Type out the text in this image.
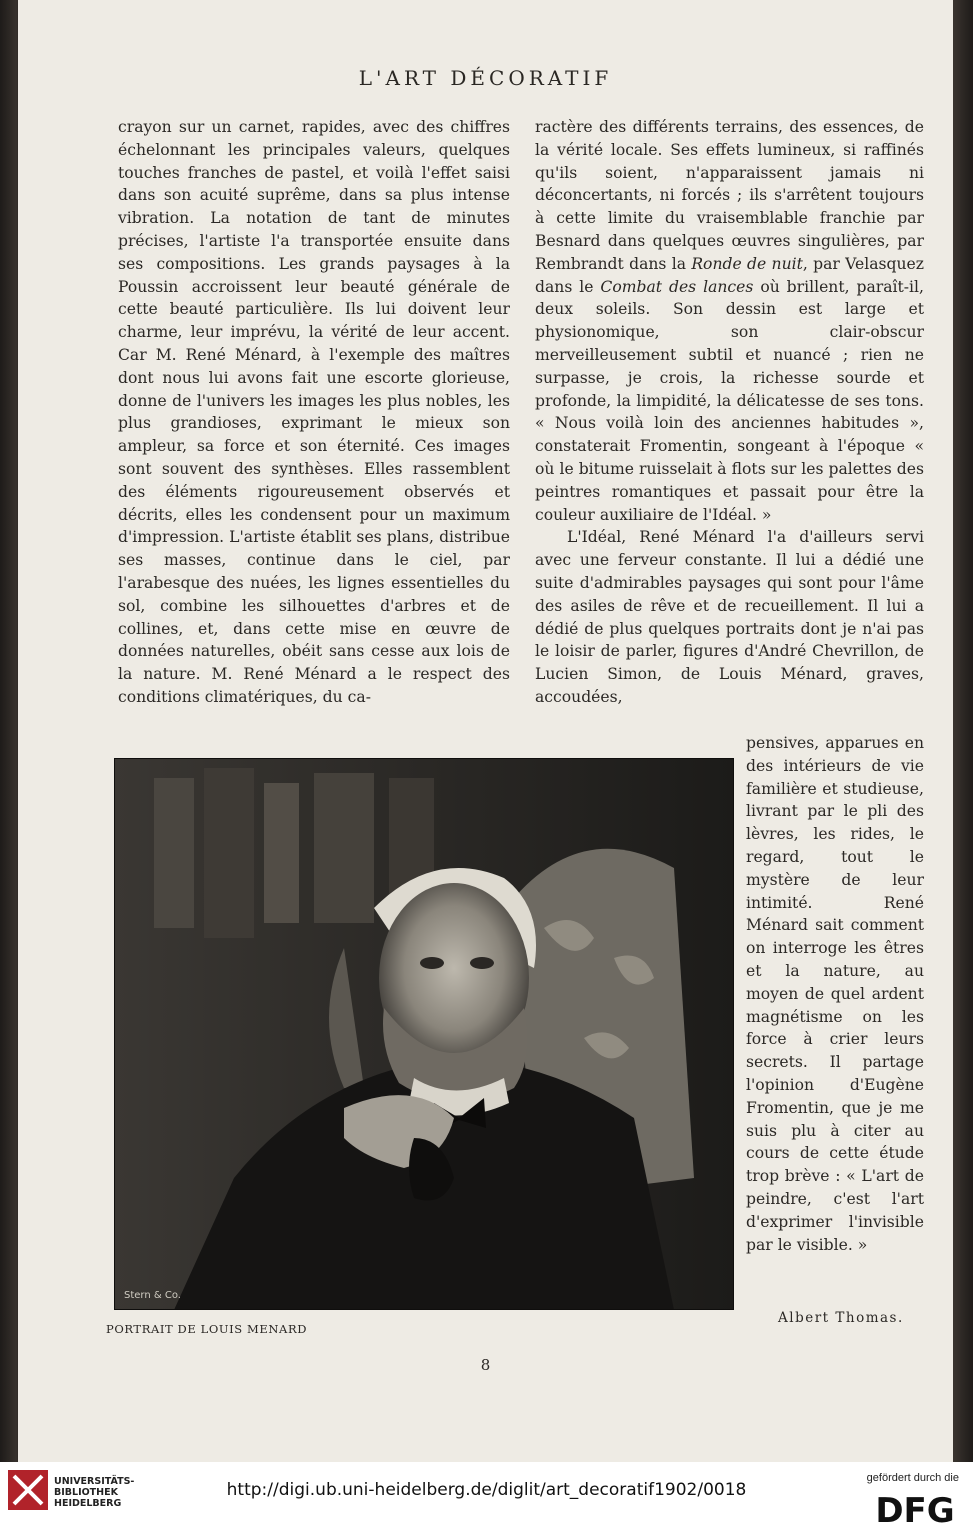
L'ART DÉCORATIF

crayon sur un carnet, rapides, avec des chiffres échelonnant les principales valeurs, quelques touches franches de pastel, et voilà l'effet saisi dans son acuité suprême, dans sa plus intense vibration. La notation de tant de minutes précises, l'artiste l'a transportée ensuite dans ses compositions. Les grands paysages à la Poussin accroissent leur beauté générale de cette beauté particulière. Ils lui doivent leur charme, leur imprévu, la vérité de leur accent. Car M. René Ménard, à l'exemple des maîtres dont nous lui avons fait une escorte glorieuse, donne de l'univers les images les plus nobles, les plus grandioses, exprimant le mieux son ampleur, sa force et son éternité. Ces images sont souvent des synthèses. Elles rassemblent des éléments rigoureusement observés et décrits, elles les condensent pour un maximum d'impression. L'artiste établit ses plans, distribue ses masses, continue dans le ciel, par l'arabesque des nuées, les lignes essentielles du sol, combine les silhouettes d'arbres et de collines, et, dans cette mise en œuvre de données naturelles, obéit sans cesse aux lois de la nature. M. René Ménard a le respect des conditions climatériques, du ca-

ractère des différents terrains, des essences, de la vérité locale. Ses effets lumineux, si raffinés qu'ils soient, n'apparaissent jamais ni déconcertants, ni forcés ; ils s'arrêtent toujours à cette limite du vraisemblable franchie par Besnard dans quelques œuvres singulières, par Rembrandt dans la Ronde de nuit, par Velasquez dans le Combat des lances où brillent, paraît-il, deux soleils. Son dessin est large et physionomique, son clair-obscur merveilleusement subtil et nuancé ; rien ne surpasse, je crois, la richesse sourde et profonde, la limpidité, la délicatesse de ses tons. « Nous voilà loin des anciennes habitudes », constaterait Fromentin, songeant à l'époque « où le bitume ruisselait à flots sur les palettes des peintres romantiques et passait pour être la couleur auxiliaire de l'Idéal. »

L'Idéal, René Ménard l'a d'ailleurs servi avec une ferveur constante. Il lui a dédié une suite d'admirables paysages qui sont pour l'âme des asiles de rêve et de recueillement. Il lui a dédié de plus quelques portraits dont je n'ai pas le loisir de parler, figures d'André Chevrillon, de Lucien Simon, de Louis Ménard, graves, accoudées,

pensives, apparues en des intérieurs de vie familière et studieuse, livrant par le pli des lèvres, les rides, le regard, tout le mystère de leur intimité. René Ménard sait comment on interroge les êtres et la nature, au moyen de quel ardent magnétisme on les force à crier leurs secrets. Il partage l'opinion d'Eugène Fromentin, que je me suis plu à citer au cours de cette étude trop brève : « L'art de peindre, c'est l'art d'exprimer l'invisible par le visible. »

Stern & Co.
PORTRAIT DE LOUIS MENARD
Albert Thomas.
8
UNIVERSITÄTS-
BIBLIOTHEK
HEIDELBERG
http://digi.ub.uni-heidelberg.de/diglit/art_decoratif1902/0018
gefördert durch die
DFG
